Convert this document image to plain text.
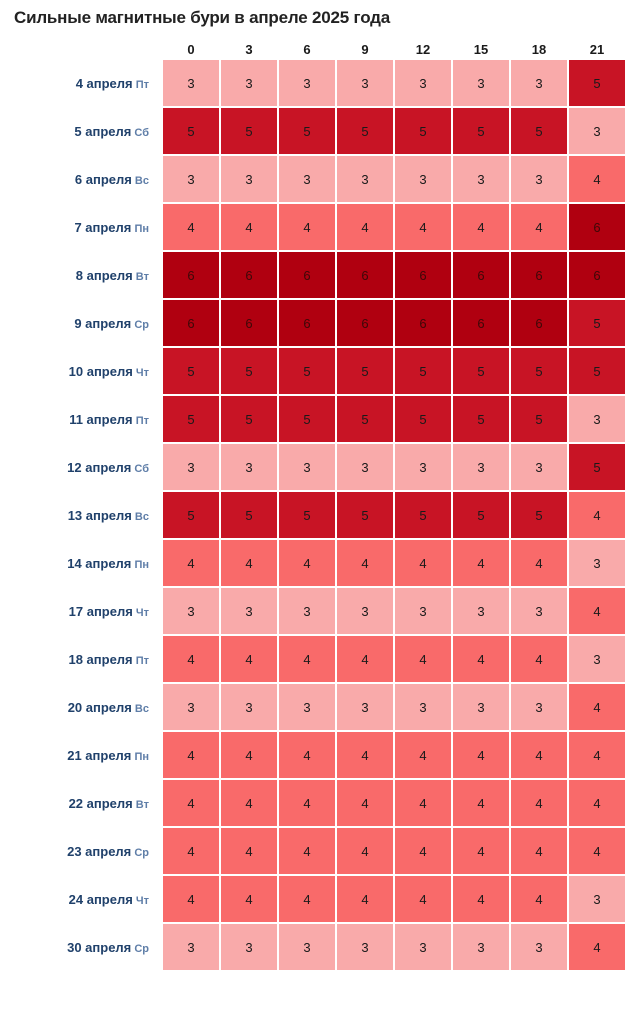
Сильные магнитные бури в апреле 2025 года
	0	3	6	9	12	15	18	21
4 апреля Пт	3	3	3	3	3	3	3	5
5 апреля Сб	5	5	5	5	5	5	5	3
6 апреля Вс	3	3	3	3	3	3	3	4
7 апреля Пн	4	4	4	4	4	4	4	6
8 апреля Вт	6	6	6	6	6	6	6	6
9 апреля Ср	6	6	6	6	6	6	6	5
10 апреля Чт	5	5	5	5	5	5	5	5
11 апреля Пт	5	5	5	5	5	5	5	3
12 апреля Сб	3	3	3	3	3	3	3	5
13 апреля Вс	5	5	5	5	5	5	5	4
14 апреля Пн	4	4	4	4	4	4	4	3
17 апреля Чт	3	3	3	3	3	3	3	4
18 апреля Пт	4	4	4	4	4	4	4	3
20 апреля Вс	3	3	3	3	3	3	3	4
21 апреля Пн	4	4	4	4	4	4	4	4
22 апреля Вт	4	4	4	4	4	4	4	4
23 апреля Ср	4	4	4	4	4	4	4	4
24 апреля Чт	4	4	4	4	4	4	4	3
30 апреля Ср	3	3	3	3	3	3	3	4
